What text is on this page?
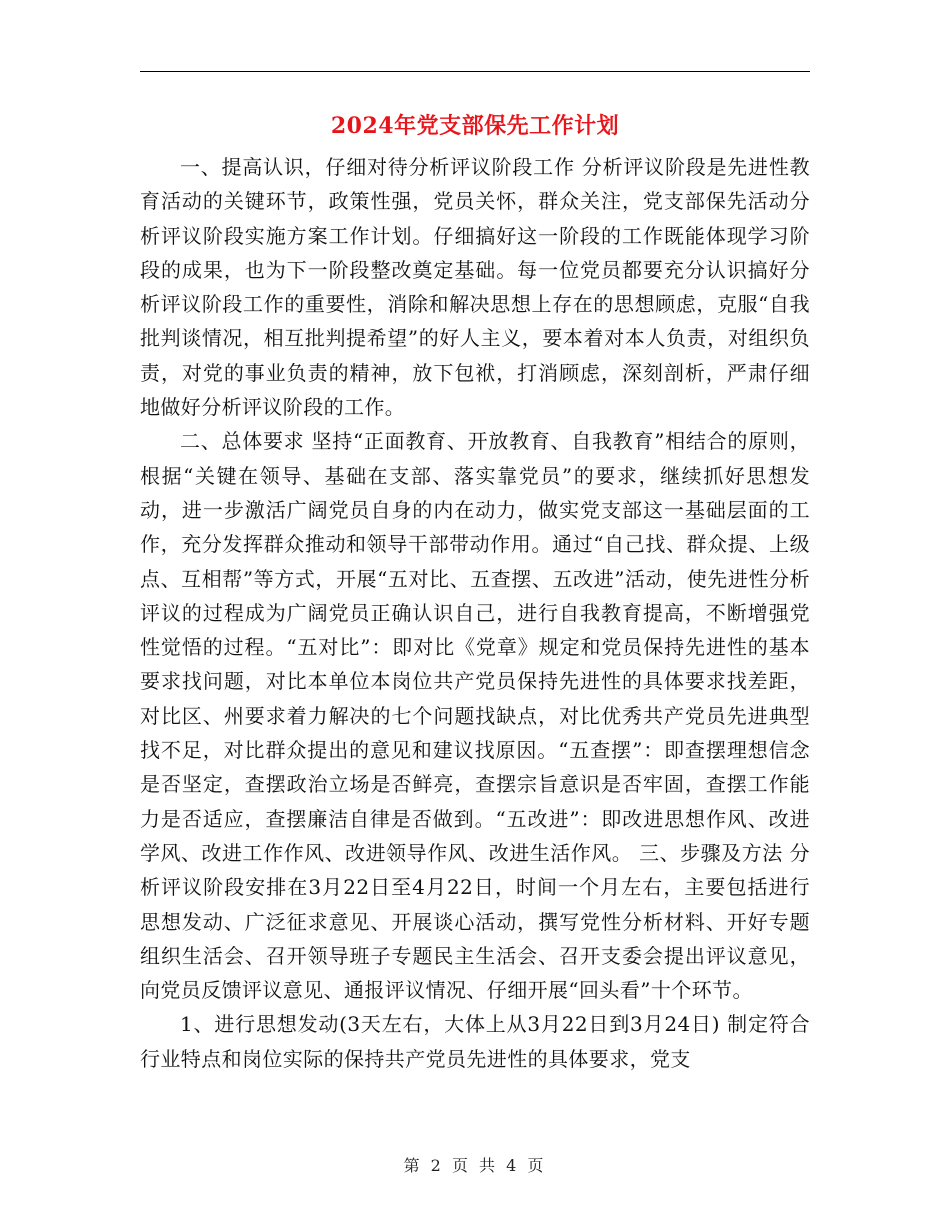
2024年党支部保先工作计划

一、提高认识，仔细对待分析评议阶段工作 分析评议阶段是先进性教育活动的关键环节，政策性强，党员关怀，群众关注，党支部保先活动分析评议阶段实施方案工作计划。仔细搞好这一阶段的工作既能体现学习阶段的成果，也为下一阶段整改奠定基础。每一位党员都要充分认识搞好分析评议阶段工作的重要性，消除和解决思想上存在的思想顾虑，克服“自我批判谈情况，相互批判提希望”的好人主义，要本着对本人负责，对组织负责，对党的事业负责的精神，放下包袱，打消顾虑，深刻剖析，严肃仔细地做好分析评议阶段的工作。

二、总体要求 坚持“正面教育、开放教育、自我教育”相结合的原则，根据“关键在领导、基础在支部、落实靠党员”的要求，继续抓好思想发动，进一步激活广阔党员自身的内在动力，做实党支部这一基础层面的工作，充分发挥群众推动和领导干部带动作用。通过“自己找、群众提、上级点、互相帮”等方式，开展“五对比、五查摆、五改进”活动，使先进性分析评议的过程成为广阔党员正确认识自己，进行自我教育提高，不断增强党性觉悟的过程。“五对比”：即对比《党章》规定和党员保持先进性的基本要求找问题，对比本单位本岗位共产党员保持先进性的具体要求找差距，对比区、州要求着力解决的七个问题找缺点，对比优秀共产党员先进典型找不足，对比群众提出的意见和建议找原因。“五查摆”：即查摆理想信念是否坚定，查摆政治立场是否鲜亮，查摆宗旨意识是否牢固，查摆工作能力是否适应，查摆廉洁自律是否做到。“五改进”：即改进思想作风、改进学风、改进工作作风、改进领导作风、改进生活作风。 三、步骤及方法 分析评议阶段安排在3月22日至4月22日，时间一个月左右，主要包括进行思想发动、广泛征求意见、开展谈心活动，撰写党性分析材料、开好专题组织生活会、召开领导班子专题民主生活会、召开支委会提出评议意见，向党员反馈评议意见、通报评议情况、仔细开展“回头看”十个环节。

1、进行思想发动(3天左右，大体上从3月22日到3月24日) 制定符合行业特点和岗位实际的保持共产党员先进性的具体要求，党支

第 2 页 共 4 页
